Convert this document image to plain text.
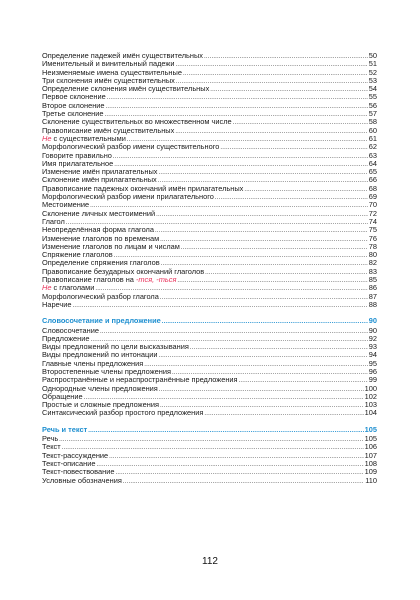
Определение падежей имён существительных .....	50
Именительный и винительный падежи .....	51
Неизменяемые имена существительные .....	52
Три склонения имён существительных .....	53
Определение склонения имён существительных .....	54
Первое склонение .....	55
Второе склонение .....	56
Третье склонение .....	57
Склонение существительных во множественном числе .....	58
Правописание имён существительных .....	60
Не с существительными .....	61
Морфологический разбор имени существительного .....	62
Говорите правильно .....	63
Имя прилагательное .....	64
Изменение имён прилагательных .....	65
Склонение имён прилагательных .....	66
Правописание падежных окончаний имён прилагательных .....	68
Морфологический разбор имени прилагательного .....	69
Местоимение .....	70
Склонение личных местоимений .....	72
Глагол .....	74
Неопределённая форма глагола .....	75
Изменение глаголов по временам .....	76
Изменение глаголов по лицам и числам .....	78
Спряжение глаголов .....	80
Определение спряжения глаголов .....	82
Правописание безударных окончаний глаголов .....	83
Правописание глаголов на -тся, -ться .....	85
Не с глаголами .....	86
Морфологический разбор глагола .....	87
Наречие .....	88
Словосочетание и предложение .....	90
Словосочетание .....	90
Предложение .....	92
Виды предложений по цели высказывания .....	93
Виды предложений по интонации .....	94
Главные члены предложения .....	95
Второстепенные члены предложения .....	96
Распространённые и нераспространённые предложения .....	99
Однородные члены предложения .....	100
Обращение .....	102
Простые и сложные предложения .....	103
Синтаксический разбор простого предложения .....	104
Речь и текст .....	105
Речь .....	105
Текст .....	106
Текст-рассуждение .....	107
Текст-описание .....	108
Текст-повествование .....	109
Условные обозначения .....	110
112
